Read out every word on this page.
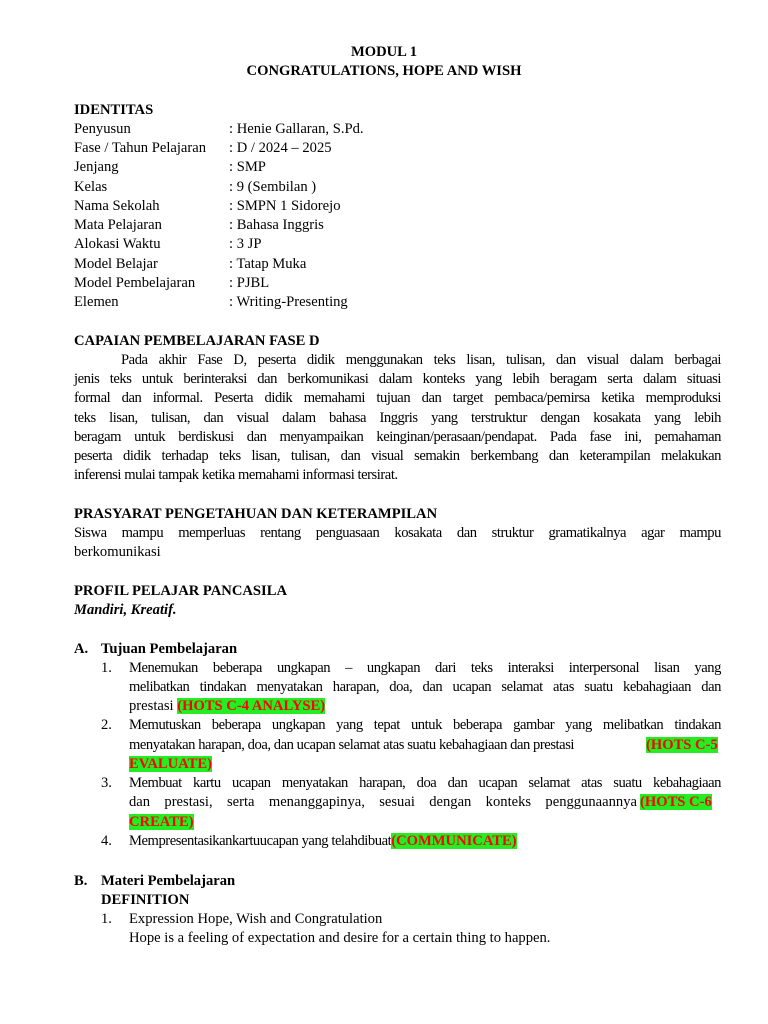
MODUL 1
CONGRATULATIONS, HOPE AND WISH
IDENTITAS
Penyusun	: Henie Gallaran, S.Pd.
Fase / Tahun Pelajaran : D / 2024 – 2025
Jenjang	: SMP
Kelas	: 9 (Sembilan )
Nama Sekolah	: SMPN 1 Sidorejo
Mata Pelajaran	: Bahasa Inggris
Alokasi Waktu	: 3 JP
Model Belajar	: Tatap Muka
Model Pembelajaran : PJBL
Elemen	: Writing-Presenting
CAPAIAN PEMBELAJARAN FASE D
Pada akhir Fase D, peserta didik menggunakan teks lisan, tulisan, dan visual dalam berbagai
jenis teks untuk berinteraksi dan berkomunikasi dalam konteks yang lebih beragam serta dalam situasi
formal dan informal. Peserta didik memahami tujuan dan target pembaca/pemirsa ketika memproduksi
teks lisan, tulisan, dan visual dalam bahasa Inggris yang terstruktur dengan kosakata yang lebih
beragam untuk berdiskusi dan menyampaikan keinginan/perasaan/pendapat. Pada fase ini, pemahaman
peserta didik terhadap teks lisan, tulisan, dan visual semakin berkembang dan keterampilan melakukan
inferensi mulai tampak ketika memahami informasi tersirat.
PRASYARAT PENGETAHUAN DAN KETERAMPILAN
Siswa mampu memperluas rentang penguasaan kosakata dan struktur gramatikalnya agar mampu
berkomunikasi
PROFIL PELAJAR PANCASILA
Mandiri, Kreatif.
A. Tujuan Pembelajaran
1. Menemukan beberapa ungkapan – ungkapan dari teks interaksi interpersonal lisan yang
melibatkan tindakan menyatakan harapan, doa, dan ucapan selamat atas suatu kebahagiaan dan
prestasi (HOTS C-4 ANALYSE)
2. Memutuskan beberapa ungkapan yang tepat untuk beberapa gambar yang melibatkan tindakan
menyatakan harapan, doa, dan ucapan selamat atas suatu kebahagiaan dan prestasi	(HOTS C-5
EVALUATE)
3. Membuat kartu ucapan menyatakan harapan, doa dan ucapan selamat atas suatu kebahagiaan
dan prestasi, serta menanggapinya, sesuai dengan konteks penggunaannya (HOTS C-6
CREATE)
4. Mempresentasikankartuucapan yang telahdibuat(COMMUNICATE)
B. Materi Pembelajaran
DEFINITION
1. Expression Hope, Wish and Congratulation
Hope is a feeling of expectation and desire for a certain thing to happen.
